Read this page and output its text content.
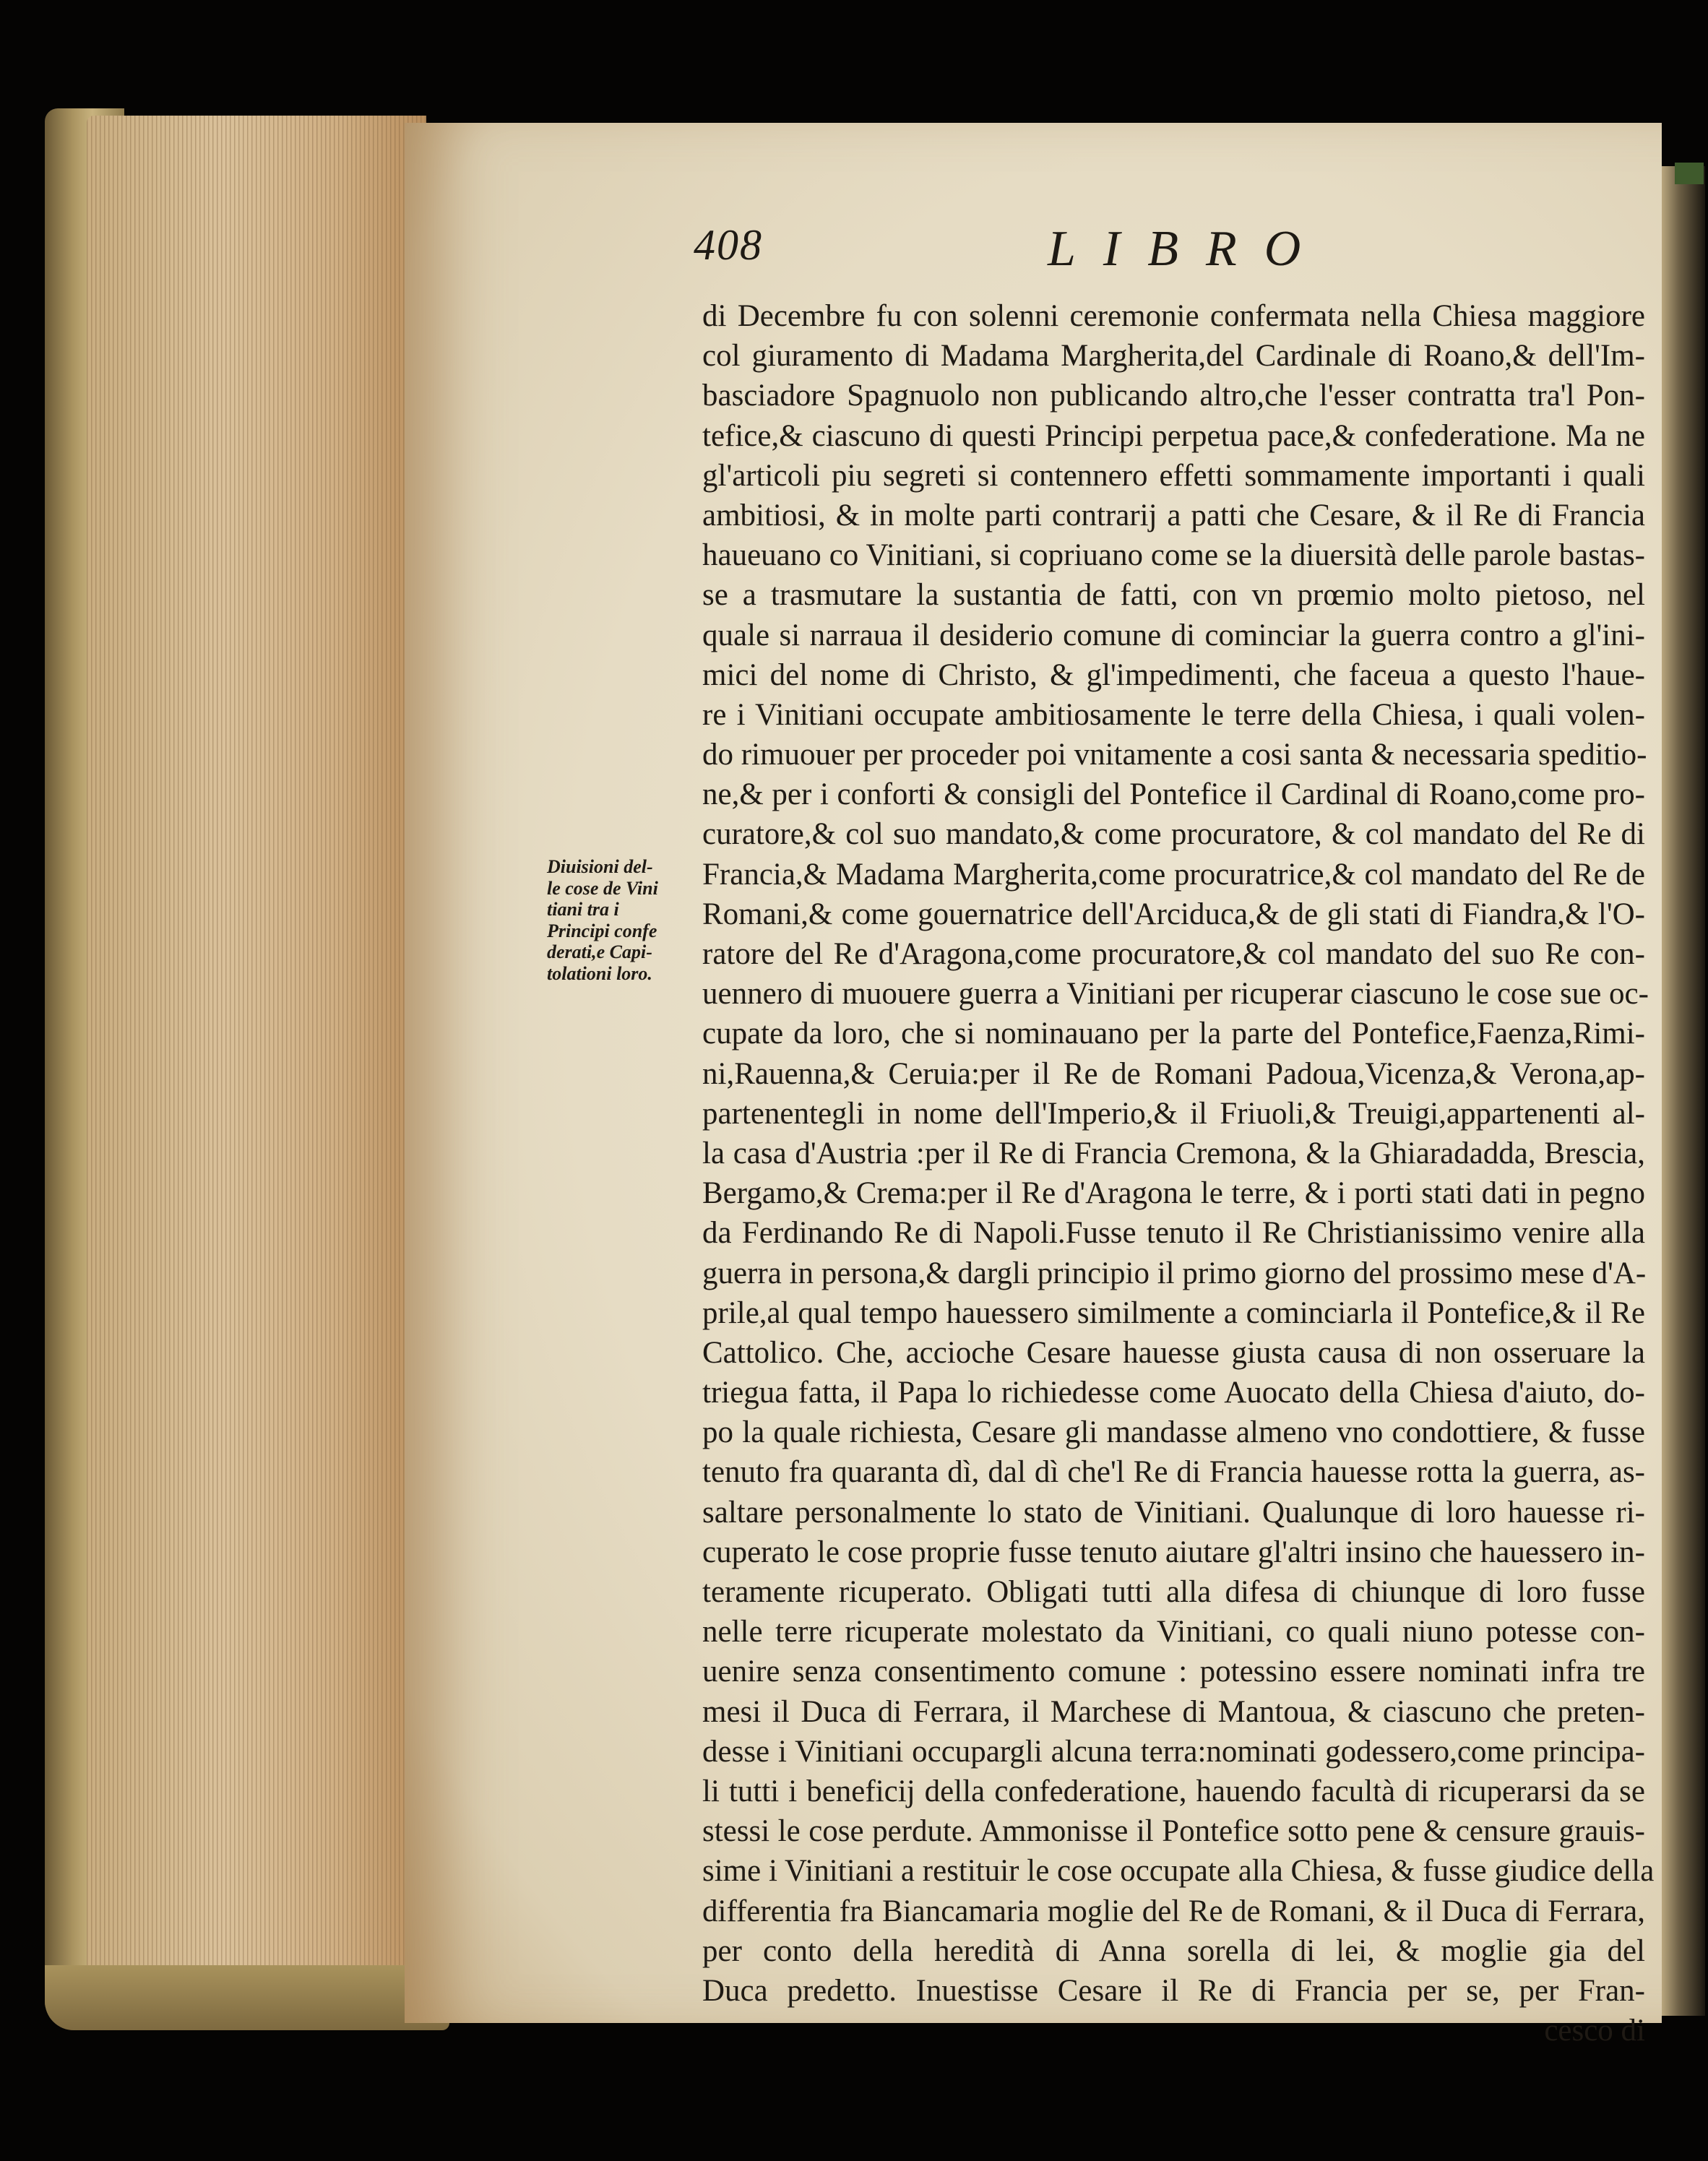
408	LIBRO
Diuisioni del-
le cose de Vini
tiani tra i
Principi confe
derati,e Capi-
tolationi loro.
di Decembre fu con solenni ceremonie confermata nella Chiesa maggiore
col giuramento di Madama Margherita,del Cardinale di Roano,& dell'Im-
basciadore Spagnuolo non publicando altro,che l'esser contratta tra'l Pon-
tefice,& ciascuno di questi Principi perpetua pace,& confederatione. Ma ne
gl'articoli piu segreti si contennero effetti sommamente importanti i quali
ambitiosi, & in molte parti contrarij a patti che Cesare, & il Re di Francia
haueuano co Vinitiani, si copriuano come se la diuersità delle parole bastas-
se a trasmutare la sustantia de fatti, con vn prœmio molto pietoso, nel
quale si narraua il desiderio comune di cominciar la guerra contro a gl'ini-
mici del nome di Christo, & gl'impedimenti, che faceua a questo l'haue-
re i Vinitiani occupate ambitiosamente le terre della Chiesa, i quali volen-
do rimuouer per proceder poi vnitamente a cosi santa & necessaria speditio-
ne,& per i conforti & consigli del Pontefice il Cardinal di Roano,come pro-
curatore,& col suo mandato,& come procuratore, & col mandato del Re di
Francia,& Madama Margherita,come procuratrice,& col mandato del Re de
Romani,& come gouernatrice dell'Arciduca,& de gli stati di Fiandra,& l'O-
ratore del Re d'Aragona,come procuratore,& col mandato del suo Re con-
uennero di muouere guerra a Vinitiani per ricuperar ciascuno le cose sue oc-
cupate da loro, che si nominauano per la parte del Pontefice,Faenza,Rimi-
ni,Rauenna,& Ceruia:per il Re de Romani Padoua,Vicenza,& Verona,ap-
partenentegli in nome dell'Imperio,& il Friuoli,& Treuigi,appartenenti al-
la casa d'Austria :per il Re di Francia Cremona, & la Ghiaradadda, Brescia,
Bergamo,& Crema:per il Re d'Aragona le terre, & i porti stati dati in pegno
da Ferdinando Re di Napoli.Fusse tenuto il Re Christianissimo venire alla
guerra in persona,& dargli principio il primo giorno del prossimo mese d'A-
prile,al qual tempo hauessero similmente a cominciarla il Pontefice,& il Re
Cattolico. Che, accioche Cesare hauesse giusta causa di non osseruare la
triegua fatta, il Papa lo richiedesse come Auocato della Chiesa d'aiuto, do-
po la quale richiesta, Cesare gli mandasse almeno vno condottiere, & fusse
tenuto fra quaranta dì, dal dì che'l Re di Francia hauesse rotta la guerra, as-
saltare personalmente lo stato de Vinitiani. Qualunque di loro hauesse ri-
cuperato le cose proprie fusse tenuto aiutare gl'altri insino che hauessero in-
teramente ricuperato. Obligati tutti alla difesa di chiunque di loro fusse
nelle terre ricuperate molestato da Vinitiani, co quali niuno potesse con-
uenire senza consentimento comune : potessino essere nominati infra tre
mesi il Duca di Ferrara, il Marchese di Mantoua, & ciascuno che preten-
desse i Vinitiani occupargli alcuna terra:nominati godessero,come principa-
li tutti i beneficij della confederatione, hauendo facultà di ricuperarsi da se
stessi le cose perdute. Ammonisse il Pontefice sotto pene & censure grauis-
sime i Vinitiani a restituir le cose occupate alla Chiesa, & fusse giudice della
differentia fra Biancamaria moglie del Re de Romani, & il Duca di Ferrara,
per conto della heredità di Anna sorella di lei, & moglie gia del
Duca predetto. Inuestisse Cesare il Re di Francia per se, per Fran-
cesco di
